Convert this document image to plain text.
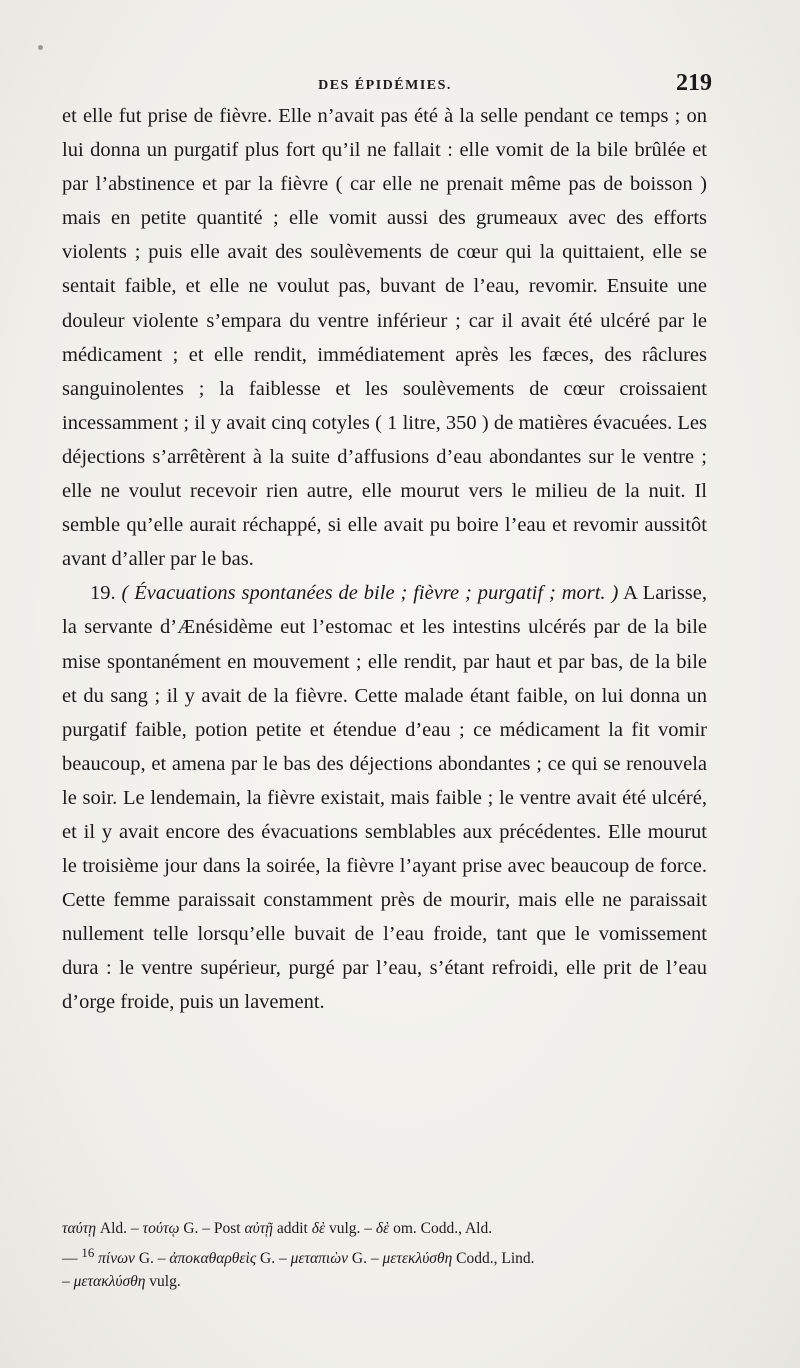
DES ÉPIDÉMIES.	219

et elle fut prise de fièvre. Elle n’avait pas été à la selle pendant ce temps ; on lui donna un purgatif plus fort qu’il ne fallait : elle vomit de la bile brûlée et par l’abstinence et par la fièvre ( car elle ne prenait même pas de boisson ) mais en petite quantité ; elle vomit aussi des grumeaux avec des efforts violents ; puis elle avait des soulèvements de cœur qui la quittaient, elle se sentait faible, et elle ne voulut pas, buvant de l’eau, revomir. Ensuite une douleur violente s’empara du ventre inférieur ; car il avait été ulcéré par le médicament ; et elle rendit, immédiatement après les fæces, des râclures sanguinolentes ; la faiblesse et les soulèvements de cœur croissaient incessamment ; il y avait cinq cotyles ( 1 litre, 350 ) de matières évacuées. Les déjections s’arrêtèrent à la suite d’affusions d’eau abondantes sur le ventre ; elle ne voulut recevoir rien autre, elle mourut vers le milieu de la nuit. Il semble qu’elle aurait réchappé, si elle avait pu boire l’eau et revomir aussitôt avant d’aller par le bas.

19. ( Évacuations spontanées de bile ; fièvre ; purgatif ; mort. ) A Larisse, la servante d’Ænésidème eut l’estomac et les intestins ulcérés par de la bile mise spontanément en mouvement ; elle rendit, par haut et par bas, de la bile et du sang ; il y avait de la fièvre. Cette malade étant faible, on lui donna un purgatif faible, potion petite et étendue d’eau ; ce médicament la fit vomir beaucoup, et amena par le bas des déjections abondantes ; ce qui se renouvela le soir. Le lendemain, la fièvre existait, mais faible ; le ventre avait été ulcéré, et il y avait encore des évacuations semblables aux précédentes. Elle mourut le troisième jour dans la soirée, la fièvre l’ayant prise avec beaucoup de force. Cette femme paraissait constamment près de mourir, mais elle ne paraissait nullement telle lorsqu’elle buvait de l’eau froide, tant que le vomissement dura : le ventre supérieur, purgé par l’eau, s’étant refroidi, elle prit de l’eau d’orge froide, puis un lavement.

ταύτῃ Ald. – τούτῳ G. – Post αὐτῇ addit δὲ vulg. – δὲ om. Codd., Ald.

— $^{16}$ πίνων G. – ἀποκαθαρθεὶς G. – μεταπιὼν G. – μετεκλύσθη Codd., Lind.

– μετακλύσθη vulg.
